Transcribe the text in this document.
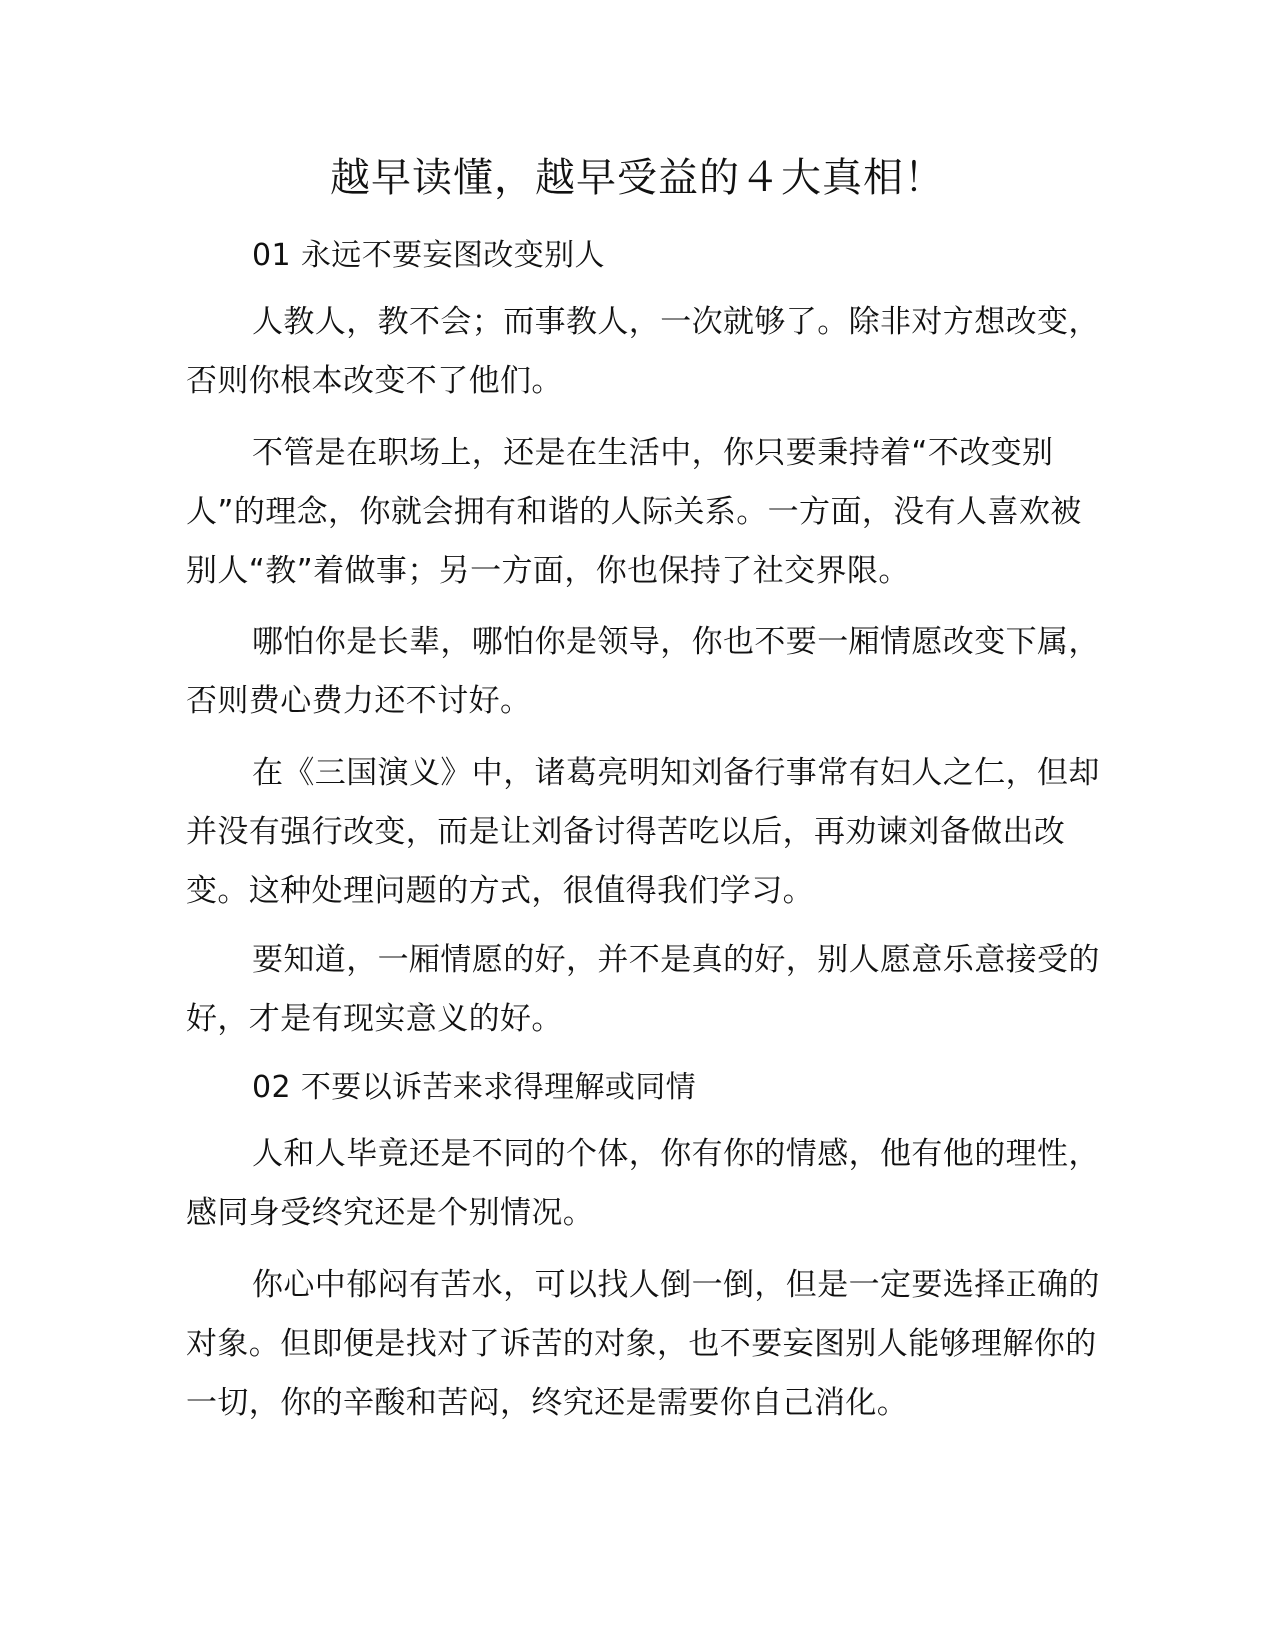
越早读懂，越早受益的４大真相！
01 永远不要妄图改变别人
人教人，教不会；而事教人，一次就够了。除非对方想改变，否则你根本改变不了他们。
不管是在职场上，还是在生活中，你只要秉持着“不改变别人”的理念，你就会拥有和谐的人际关系。一方面，没有人喜欢被别人“教”着做事；另一方面，你也保持了社交界限。
哪怕你是长辈，哪怕你是领导，你也不要一厢情愿改变下属，否则费心费力还不讨好。
在《三国演义》中，诸葛亮明知刘备行事常有妇人之仁，但却并没有强行改变，而是让刘备讨得苦吃以后，再劝谏刘备做出改变。这种处理问题的方式，很值得我们学习。
要知道，一厢情愿的好，并不是真的好，别人愿意乐意接受的好，才是有现实意义的好。
02 不要以诉苦来求得理解或同情
人和人毕竟还是不同的个体，你有你的情感，他有他的理性，感同身受终究还是个别情况。
你心中郁闷有苦水，可以找人倒一倒，但是一定要选择正确的对象。但即便是找对了诉苦的对象，也不要妄图别人能够理解你的一切，你的辛酸和苦闷，终究还是需要你自己消化。
